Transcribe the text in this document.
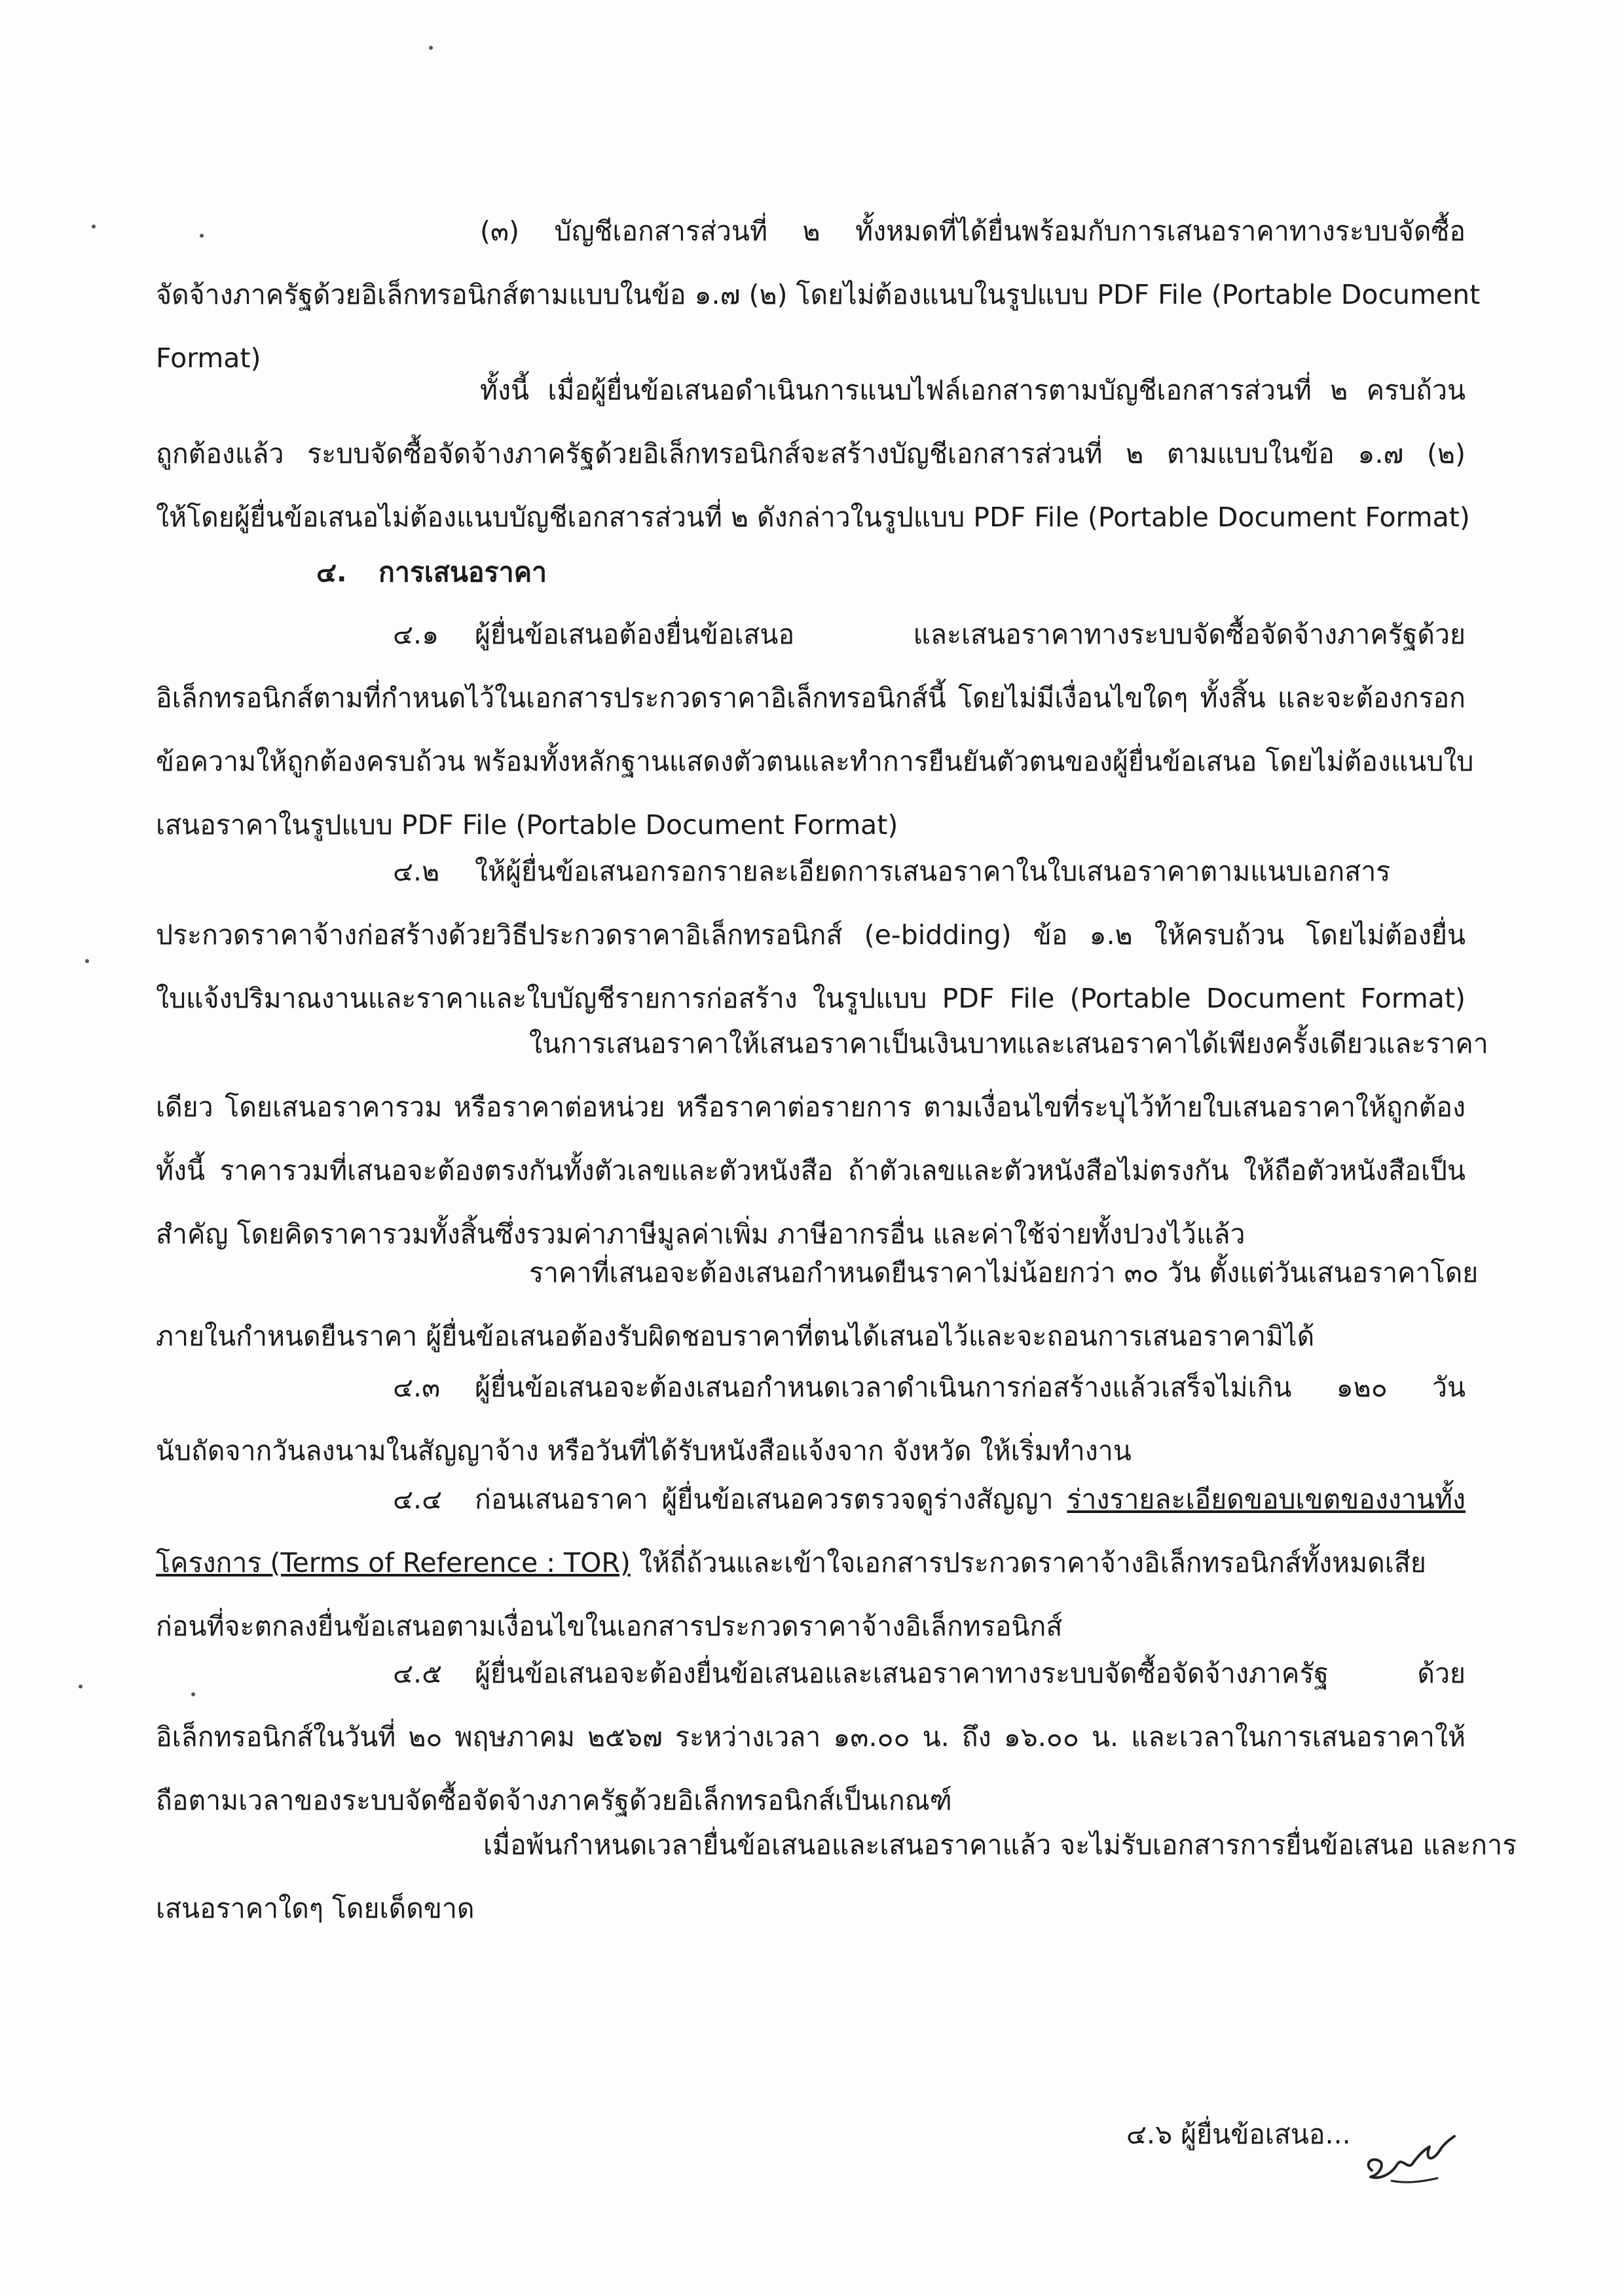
(๓) บัญชีเอกสารส่วนที่ ๒ ทั้งหมดที่ได้ยื่นพร้อมกับการเสนอราคาทางระบบจัดซื้อ
จัดจ้างภาครัฐด้วยอิเล็กทรอนิกส์ตามแบบในข้อ ๑.๗ (๒) โดยไม่ต้องแนบในรูปแบบ PDF File (Portable Document
Format)
ทั้งนี้ เมื่อผู้ยื่นข้อเสนอดำเนินการแนบไฟล์เอกสารตามบัญชีเอกสารส่วนที่ ๒ ครบถ้วน
ถูกต้องแล้ว ระบบจัดซื้อจัดจ้างภาครัฐด้วยอิเล็กทรอนิกส์จะสร้างบัญชีเอกสารส่วนที่ ๒ ตามแบบในข้อ ๑.๗ (๒)
ให้โดยผู้ยื่นข้อเสนอไม่ต้องแนบบัญชีเอกสารส่วนที่ ๒ ดังกล่าวในรูปแบบ PDF File (Portable Document Format)
๔. การเสนอราคา
๔.๑ ผู้ยื่นข้อเสนอต้องยื่นข้อเสนอ และเสนอราคาทางระบบจัดซื้อจัดจ้างภาครัฐด้วย
อิเล็กทรอนิกส์ตามที่กำหนดไว้ในเอกสารประกวดราคาอิเล็กทรอนิกส์นี้ โดยไม่มีเงื่อนไขใดๆ ทั้งสิ้น และจะต้องกรอก
ข้อความให้ถูกต้องครบถ้วน พร้อมทั้งหลักฐานแสดงตัวตนและทำการยืนยันตัวตนของผู้ยื่นข้อเสนอ โดยไม่ต้องแนบใบ
เสนอราคาในรูปแบบ PDF File (Portable Document Format)
๔.๒ ให้ผู้ยื่นข้อเสนอกรอกรายละเอียดการเสนอราคาในใบเสนอราคาตามแนบเอกสาร
ประกวดราคาจ้างก่อสร้างด้วยวิธีประกวดราคาอิเล็กทรอนิกส์ (e-bidding) ข้อ ๑.๒ ให้ครบถ้วน โดยไม่ต้องยื่น
ใบแจ้งปริมาณงานและราคาและใบบัญชีรายการก่อสร้าง ในรูปแบบ PDF File (Portable Document Format)
ในการเสนอราคาให้เสนอราคาเป็นเงินบาทและเสนอราคาได้เพียงครั้งเดียวและราคา
เดียว โดยเสนอราคารวม หรือราคาต่อหน่วย หรือราคาต่อรายการ ตามเงื่อนไขที่ระบุไว้ท้ายใบเสนอราคาให้ถูกต้อง
ทั้งนี้ ราคารวมที่เสนอจะต้องตรงกันทั้งตัวเลขและตัวหนังสือ ถ้าตัวเลขและตัวหนังสือไม่ตรงกัน ให้ถือตัวหนังสือเป็น
สำคัญ โดยคิดราคารวมทั้งสิ้นซึ่งรวมค่าภาษีมูลค่าเพิ่ม ภาษีอากรอื่น และค่าใช้จ่ายทั้งปวงไว้แล้ว
ราคาที่เสนอจะต้องเสนอกำหนดยืนราคาไม่น้อยกว่า ๓๐ วัน ตั้งแต่วันเสนอราคาโดย
ภายในกำหนดยืนราคา ผู้ยื่นข้อเสนอต้องรับผิดชอบราคาที่ตนได้เสนอไว้และจะถอนการเสนอราคามิได้
๔.๓ ผู้ยื่นข้อเสนอจะต้องเสนอกำหนดเวลาดำเนินการก่อสร้างแล้วเสร็จไม่เกิน ๑๒๐ วัน
นับถัดจากวันลงนามในสัญญาจ้าง หรือวันที่ได้รับหนังสือแจ้งจาก จังหวัด ให้เริ่มทำงาน
๔.๔ ก่อนเสนอราคา ผู้ยื่นข้อเสนอควรตรวจดูร่างสัญญา ร่างรายละเอียดขอบเขตของงานทั้ง
โครงการ (Terms of Reference : TOR) ให้ถี่ถ้วนและเข้าใจเอกสารประกวดราคาจ้างอิเล็กทรอนิกส์ทั้งหมดเสีย
ก่อนที่จะตกลงยื่นข้อเสนอตามเงื่อนไขในเอกสารประกวดราคาจ้างอิเล็กทรอนิกส์
๔.๕ ผู้ยื่นข้อเสนอจะต้องยื่นข้อเสนอและเสนอราคาทางระบบจัดซื้อจัดจ้างภาครัฐ ด้วย
อิเล็กทรอนิกส์ในวันที่ ๒๐ พฤษภาคม ๒๕๖๗ ระหว่างเวลา ๑๓.๐๐ น. ถึง ๑๖.๐๐ น. และเวลาในการเสนอราคาให้
ถือตามเวลาของระบบจัดซื้อจัดจ้างภาครัฐด้วยอิเล็กทรอนิกส์เป็นเกณฑ์
เมื่อพ้นกำหนดเวลายื่นข้อเสนอและเสนอราคาแล้ว จะไม่รับเอกสารการยื่นข้อเสนอ และการ
เสนอราคาใดๆ โดยเด็ดขาด
๔.๖ ผู้ยื่นข้อเสนอ...
